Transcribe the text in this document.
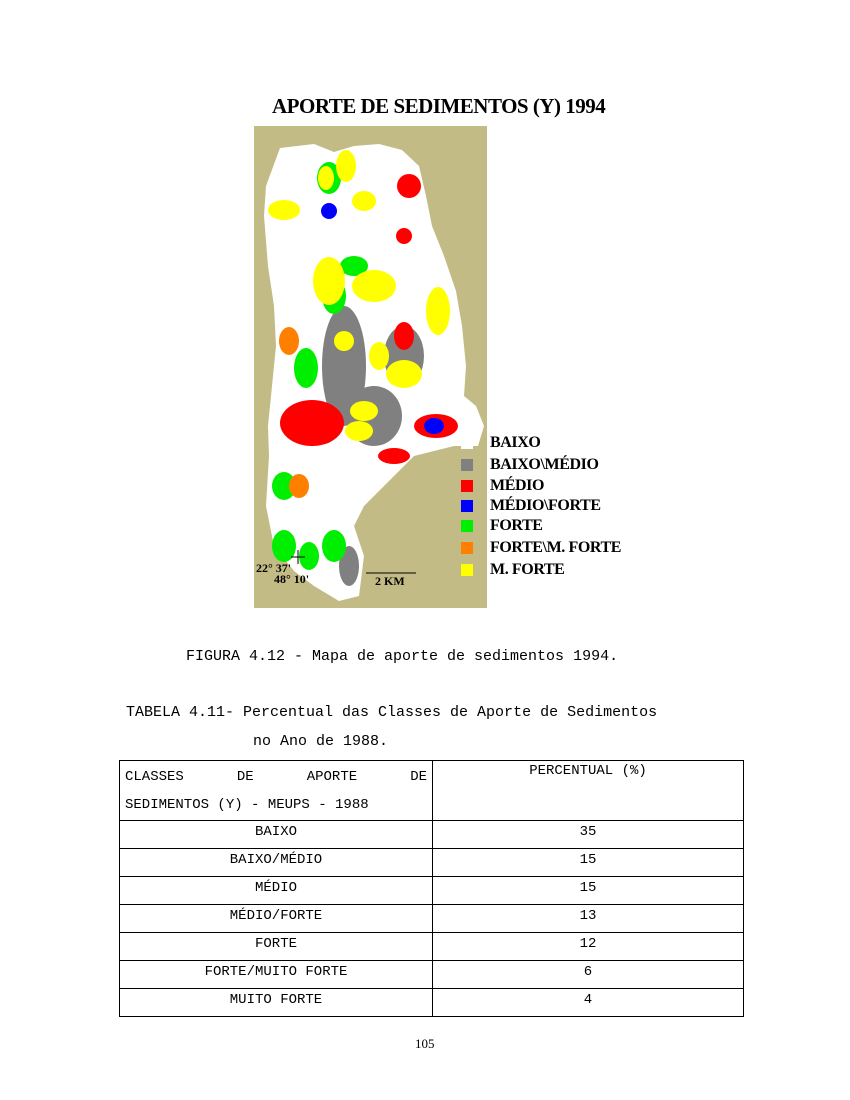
APORTE DE SEDIMENTOS (Y) 1994
22° 37'
48° 10'	2 KM
BAIXO
BAIXO\MÉDIO
MÉDIO
MÉDIO\FORTE
FORTE
FORTE\M. FORTE
M. FORTE
FIGURA 4.12 - Mapa de aporte de sedimentos 1994.
TABELA 4.11- Percentual das Classes de Aporte de Sedimentos
no Ano de 1988.
CLASSES DE APORTE DE
SEDIMENTOS (Y) - MEUPS - 1988	PERCENTUAL (%)
BAIXO	35
BAIXO/MÉDIO	15
MÉDIO	15
MÉDIO/FORTE	13
FORTE	12
FORTE/MUITO FORTE	6
MUITO FORTE	4
105
